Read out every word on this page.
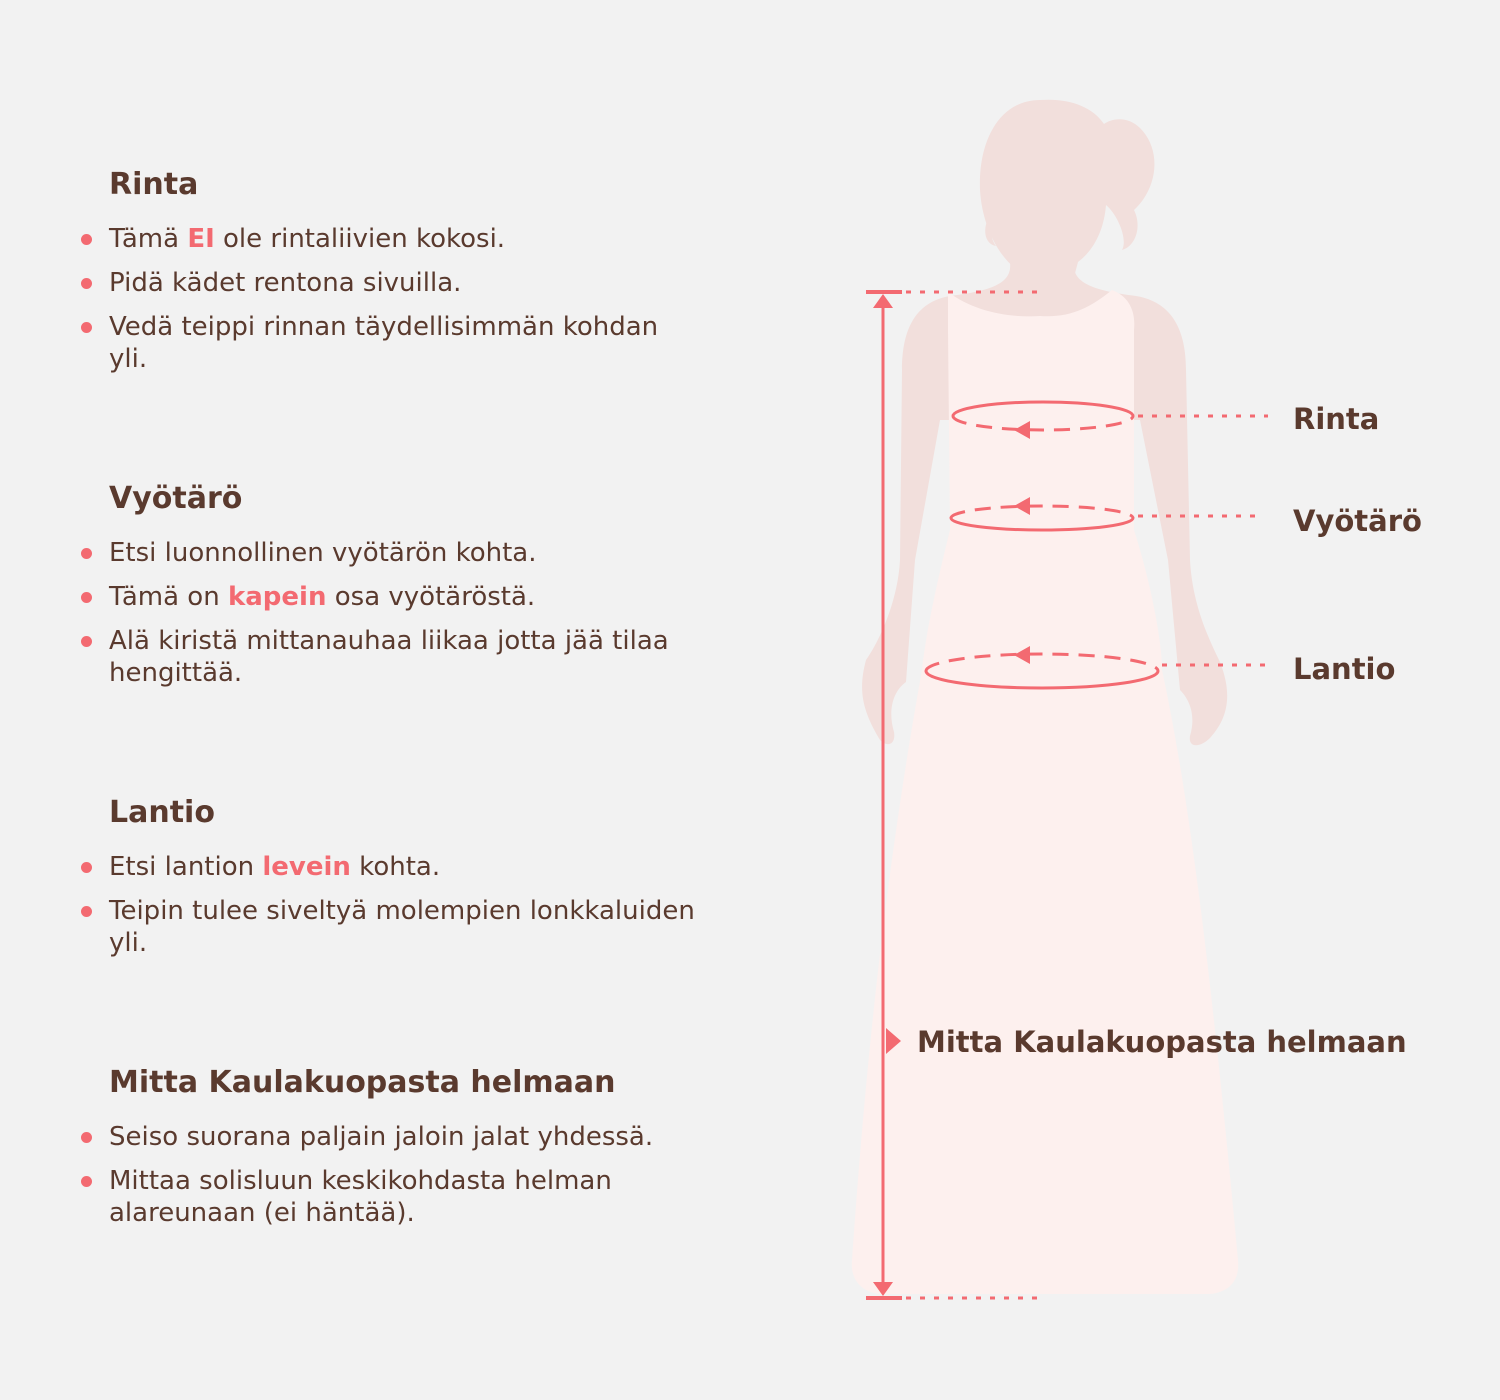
Rinta
Tämä EI ole rintaliivien kokosi.
Pidä kädet rentona sivuilla.
Vedä teippi rinnan täydellisimmän kohdan yli.
Vyötärö
Etsi luonnollinen vyötärön kohta.
Tämä on kapein osa vyötäröstä.
Alä kiristä mittanauhaa liikaa jotta jää tilaa hengittää.
Lantio
Etsi lantion levein kohta.
Teipin tulee siveltyä molempien lonkkaluiden yli.
Mitta Kaulakuopasta helmaan
Seiso suorana paljain jaloin jalat yhdessä.
Mittaa solisluun keskikohdasta helman alareunaan (ei häntää).
Rinta
Vyötärö
Lantio
Mitta Kaulakuopasta helmaan
